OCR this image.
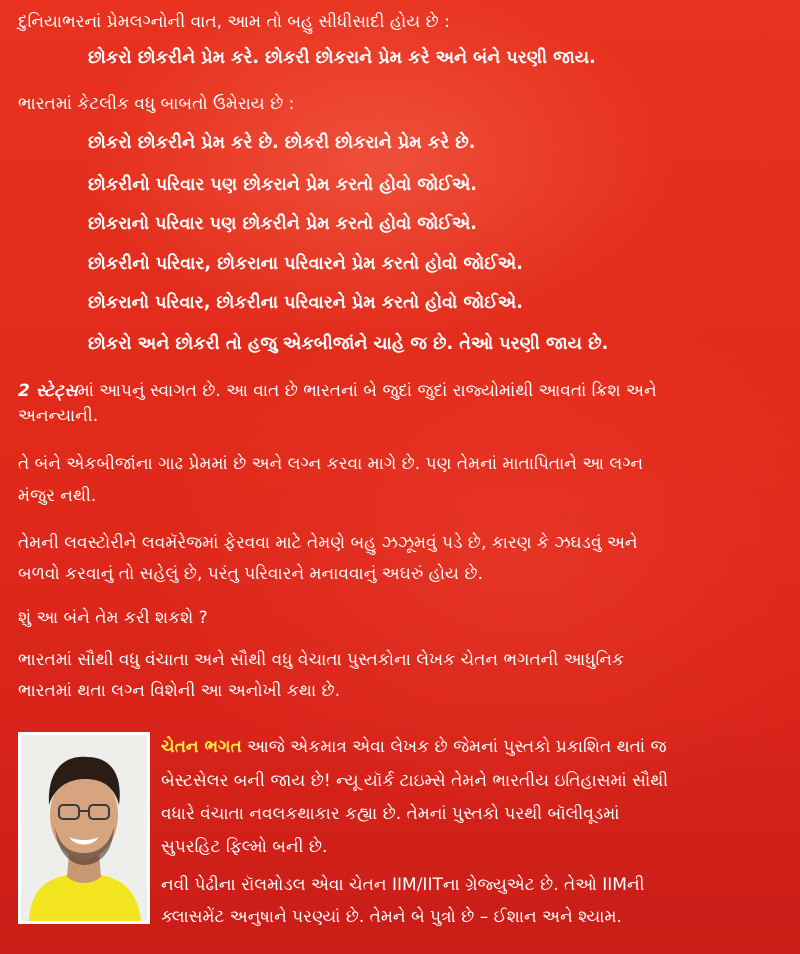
દુનિયાભરનાં પ્રેમલગ્નોની વાત, આમ તો બહુ સીધીસાદી હોય છે :
છોકરો છોકરીને પ્રેમ કરે. છોકરી છોકરાને પ્રેમ કરે અને બંને પરણી જાય.
ભારતમાં કેટલીક વધુ બાબતો ઉમેરાય છે :
છોકરો છોકરીને પ્રેમ કરે છે. છોકરી છોકરાને પ્રેમ કરે છે.
છોકરીનો પરિવાર પણ છોકરાને પ્રેમ કરતો હોવો જોઈએ.
છોકરાનો પરિવાર પણ છોકરીને પ્રેમ કરતો હોવો જોઈએ.
છોકરીનો પરિવાર, છોકરાના પરિવારને પ્રેમ કરતો હોવો જોઈએ.
છોકરાનો પરિવાર, છોકરીના પરિવારને પ્રેમ કરતો હોવો જોઈએ.
છોકરો અને છોકરી તો હજુ એકબીજાંને ચાહે જ છે. તેઓ પરણી જાય છે.
2 સ્ટેટ્સમાં આપનું સ્વાગત છે. આ વાત છે ભારતનાં બે જુદાં જુદાં રાજ્યોમાંથી આવતાં ક્રિશ અને
અનન્યાની.
તે બંને એકબીજાંના ગાઢ પ્રેમમાં છે અને લગ્ન કરવા માગે છે. પણ તેમનાં માતાપિતાને આ લગ્ન
મંજુર નથી.
તેમની લવસ્ટોરીને લવમૅરેજમાં ફેરવવા માટે તેમણે બહુ ઝઝૂમવું પડે છે, કારણ કે ઝઘડવું અને
બળવો કરવાનું તો સહેલું છે, પરંતુ પરિવારને મનાવવાનું અઘરું હોય છે.
શું આ બંને તેમ કરી શકશે ?
ભારતમાં સૌથી વધુ વંચાતા અને સૌથી વધુ વેચાતા પુસ્તકોના લેખક ચેતન ભગતની આધુનિક
ભારતમાં થતા લગ્ન વિશેની આ અનોખી કથા છે.
ચેતન ભગત આજે એકમાત્ર એવા લેખક છે જેમનાં પુસ્તકો પ્રકાશિત થતાં જ
બેસ્ટસેલર બની જાય છે! ન્યૂ યૉર્ક ટાઇમ્સે તેમને ભારતીય ઇતિહાસમાં સૌથી
વધારે વંચાતા નવલકથાકાર કહ્યા છે. તેમનાં પુસ્તકો પરથી બૉલીવૂડમાં
સુપરહિટ ફિલ્મો બની છે.
નવી પેઢીના રૉલમોડલ એવા ચેતન IIM/IITના ગ્રેજ્યુએટ છે. તેઓ IIMની
ક્લાસમેંટ અનુષાને પરણ્યાં છે. તેમને બે પુત્રો છે – ઈશાન અને શ્યામ.
